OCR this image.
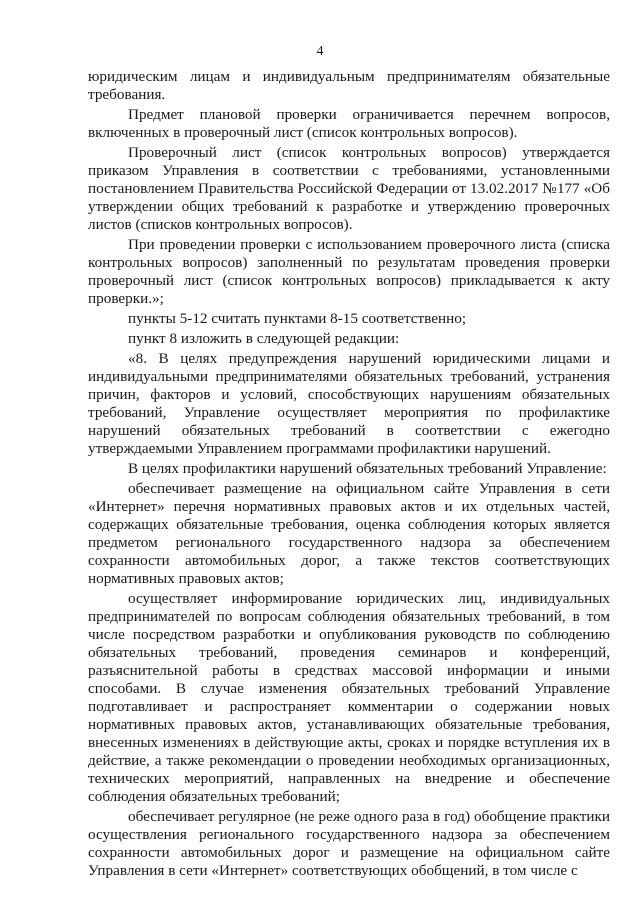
4

юридическим лицам и индивидуальным предпринимателям обязательные требования.

Предмет плановой проверки ограничивается перечнем вопросов, включенных в проверочный лист (список контрольных вопросов).

Проверочный лист (список контрольных вопросов) утверждается приказом Управления в соответствии с требованиями, установленными постановлением Правительства Российской Федерации от 13.02.2017 №177 «Об утверждении общих требований к разработке и утверждению проверочных листов (списков контрольных вопросов).

При проведении проверки с использованием проверочного листа (списка контрольных вопросов) заполненный по результатам проведения проверки проверочный лист (список контрольных вопросов) прикладывается к акту проверки.»;

пункты 5-12 считать пунктами 8-15 соответственно;

пункт 8 изложить в следующей редакции:

«8. В целях предупреждения нарушений юридическими лицами и индивидуальными предпринимателями обязательных требований, устранения причин, факторов и условий, способствующих нарушениям обязательных требований, Управление осуществляет мероприятия по профилактике нарушений обязательных требований в соответствии с ежегодно утверждаемыми Управлением программами профилактики нарушений.

В целях профилактики нарушений обязательных требований Управление:

обеспечивает размещение на официальном сайте Управления в сети «Интернет» перечня нормативных правовых актов и их отдельных частей, содержащих обязательные требования, оценка соблюдения которых является предметом регионального государственного надзора за обеспечением сохранности автомобильных дорог, а также текстов соответствующих нормативных правовых актов;

осуществляет информирование юридических лиц, индивидуальных предпринимателей по вопросам соблюдения обязательных требований, в том числе посредством разработки и опубликования руководств по соблюдению обязательных требований, проведения семинаров и конференций, разъяснительной работы в средствах массовой информации и иными способами. В случае изменения обязательных требований Управление подготавливает и распространяет комментарии о содержании новых нормативных правовых актов, устанавливающих обязательные требования, внесенных изменениях в действующие акты, сроках и порядке вступления их в действие, а также рекомендации о проведении необходимых организационных, технических мероприятий, направленных на внедрение и обеспечение соблюдения обязательных требований;

обеспечивает регулярное (не реже одного раза в год) обобщение практики осуществления регионального государственного надзора за обеспечением сохранности автомобильных дорог и размещение на официальном сайте Управления в сети «Интернет» соответствующих обобщений, в том числе с
